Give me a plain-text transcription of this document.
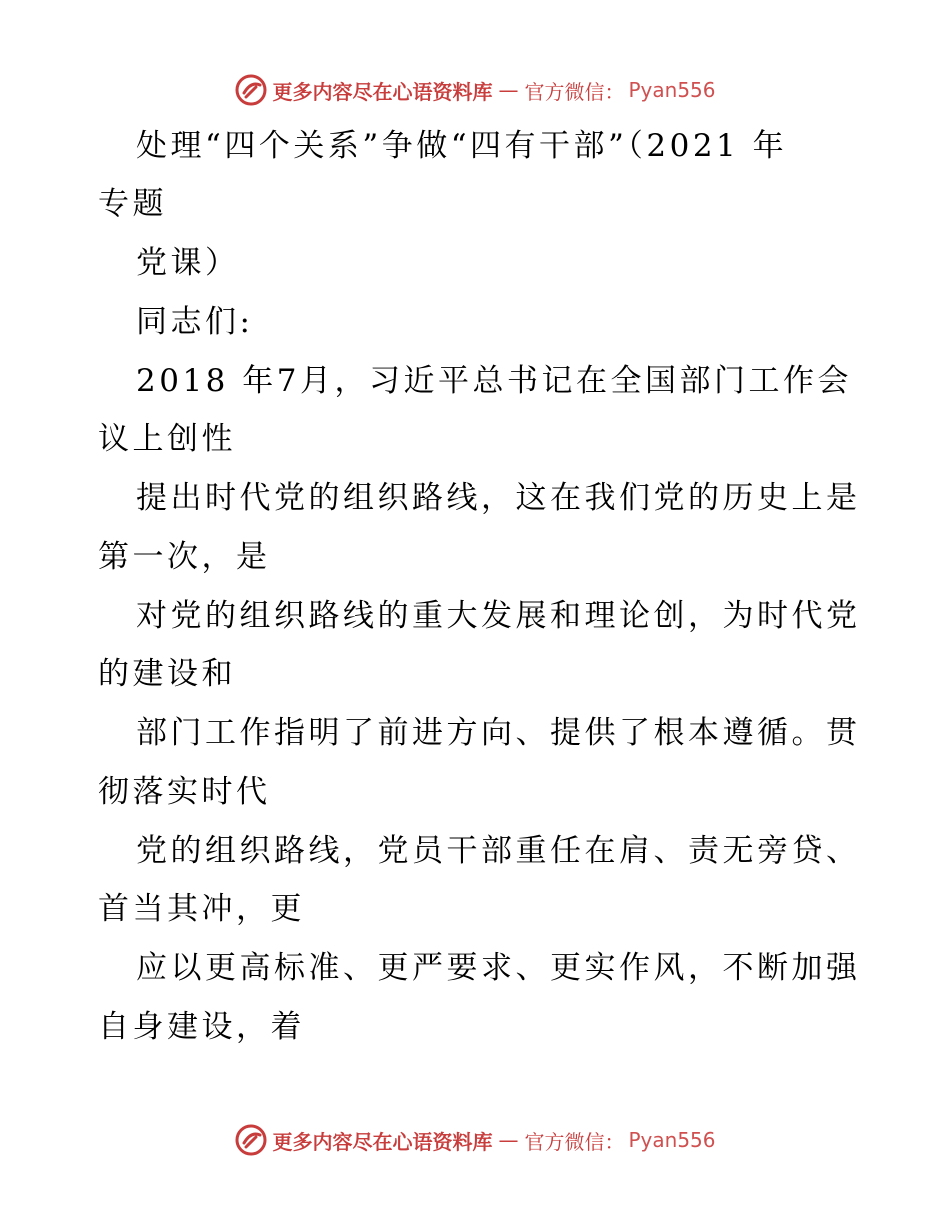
更多内容尽在心语资料库 — 官方微信： Pyan556
处理“四个关系”争做“四有干部”（2021 年
专题
党课）
同志们:
2018 年7月，习近平总书记在全国部门工作会
议上创性
提出时代党的组织路线，这在我们党的历史上是
第一次，是
对党的组织路线的重大发展和理论创，为时代党
的建设和
部门工作指明了前进方向、提供了根本遵循。贯
彻落实时代
党的组织路线，党员干部重任在肩、责无旁贷、
首当其冲，更
应以更高标准、更严要求、更实作风，不断加强
自身建设，着
更多内容尽在心语资料库 — 官方微信： Pyan556
